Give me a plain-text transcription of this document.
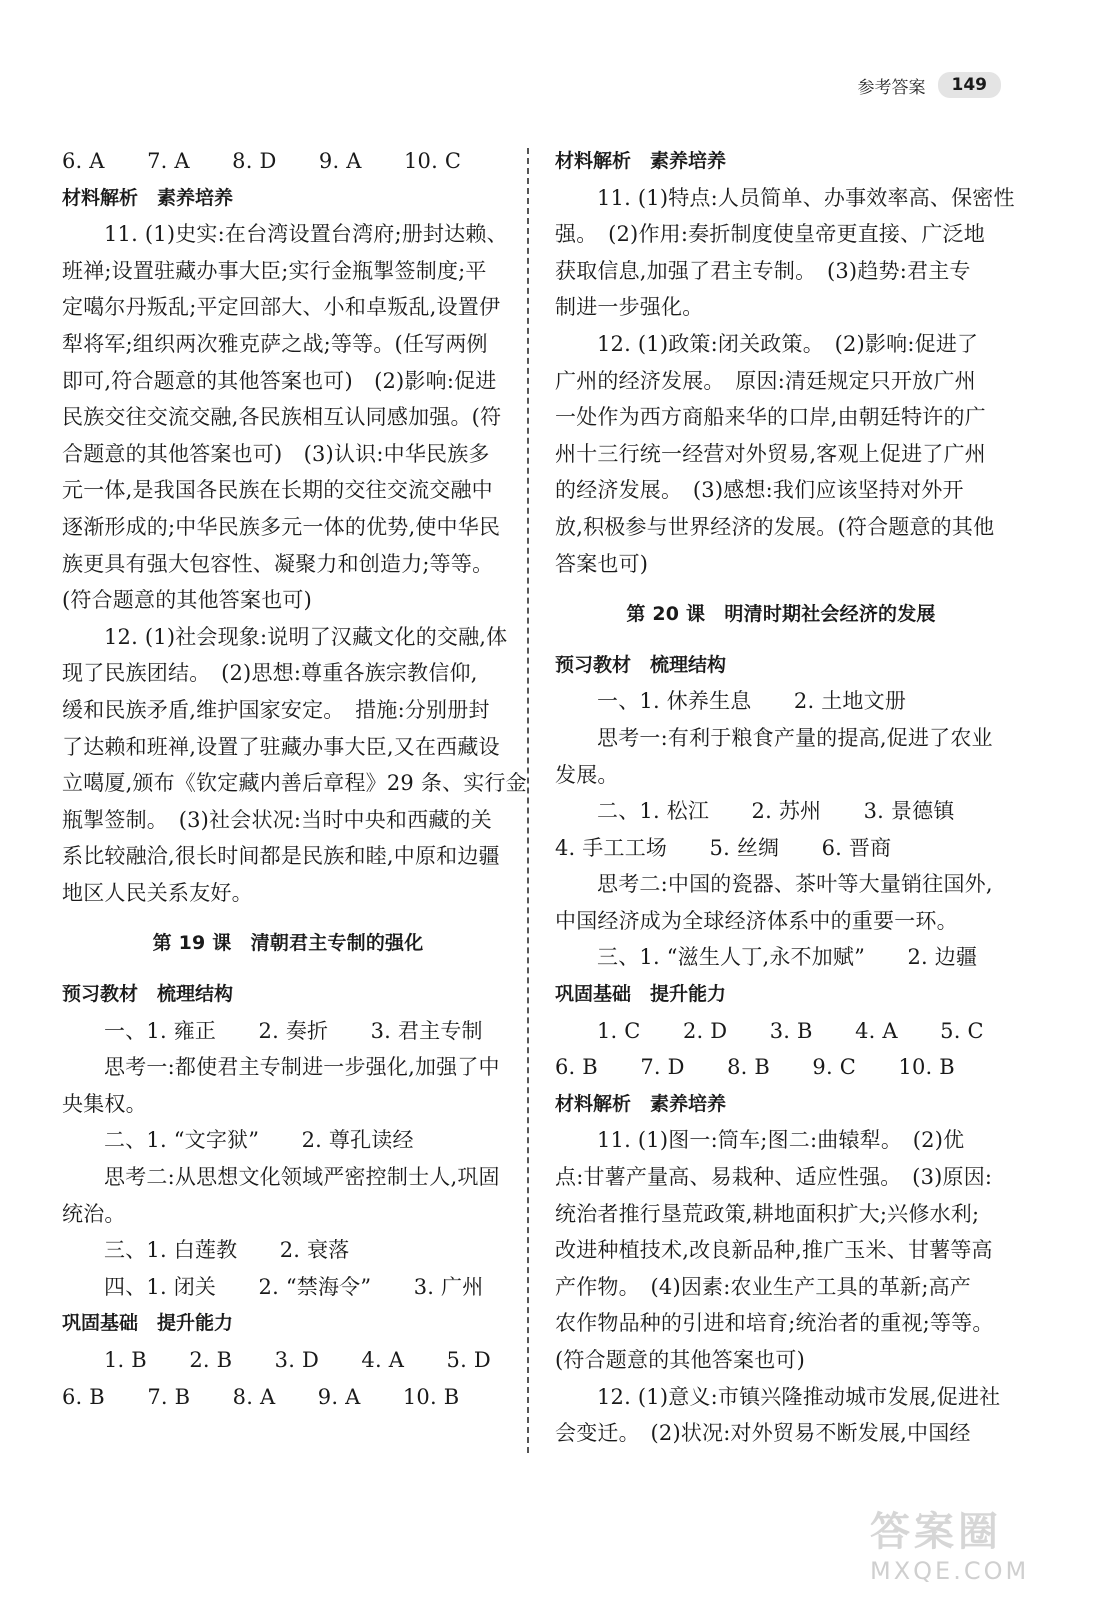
参考答案	149
6. A　　7. A　　8. D　　9. A　　10. C
材料解析　素养培养
11. (1)史实:在台湾设置台湾府;册封达赖、
班禅;设置驻藏办事大臣;实行金瓶掣签制度;平
定噶尔丹叛乱;平定回部大、小和卓叛乱,设置伊
犁将军;组织两次雅克萨之战;等等。(任写两例
即可,符合题意的其他答案也可)　(2)影响:促进
民族交往交流交融,各民族相互认同感加强。(符
合题意的其他答案也可)　(3)认识:中华民族多
元一体,是我国各民族在长期的交往交流交融中
逐渐形成的;中华民族多元一体的优势,使中华民
族更具有强大包容性、凝聚力和创造力;等等。
(符合题意的其他答案也可)
12. (1)社会现象:说明了汉藏文化的交融,体
现了民族团结。　(2)思想:尊重各族宗教信仰,
缓和民族矛盾,维护国家安定。　措施:分别册封
了达赖和班禅,设置了驻藏办事大臣,又在西藏设
立噶厦,颁布《钦定藏内善后章程》29 条、实行金
瓶掣签制。　(3)社会状况:当时中央和西藏的关
系比较融洽,很长时间都是民族和睦,中原和边疆
地区人民关系友好。
第 19 课　清朝君主专制的强化
预习教材　梳理结构
一、1. 雍正　　2. 奏折　　3. 君主专制
思考一:都使君主专制进一步强化,加强了中
央集权。
二、1. “文字狱”　　2. 尊孔读经
思考二:从思想文化领域严密控制士人,巩固
统治。
三、1. 白莲教　　2. 衰落
四、1. 闭关　　2. “禁海令”　　3. 广州
巩固基础　提升能力
1. B　　2. B　　3. D　　4. A　　5. D
6. B　　7. B　　8. A　　9. A　　10. B
材料解析　素养培养
11. (1)特点:人员简单、办事效率高、保密性
强。　(2)作用:奏折制度使皇帝更直接、广泛地
获取信息,加强了君主专制。　(3)趋势:君主专
制进一步强化。
12. (1)政策:闭关政策。　(2)影响:促进了
广州的经济发展。　原因:清廷规定只开放广州
一处作为西方商船来华的口岸,由朝廷特许的广
州十三行统一经营对外贸易,客观上促进了广州
的经济发展。　(3)感想:我们应该坚持对外开
放,积极参与世界经济的发展。(符合题意的其他
答案也可)
第 20 课　明清时期社会经济的发展
预习教材　梳理结构
一、1. 休养生息　　2. 土地文册
思考一:有利于粮食产量的提高,促进了农业
发展。
二、1. 松江　　2. 苏州　　3. 景德镇
4. 手工工场　　5. 丝绸　　6. 晋商
思考二:中国的瓷器、茶叶等大量销往国外,
中国经济成为全球经济体系中的重要一环。
三、1. “滋生人丁,永不加赋”　　2. 边疆
巩固基础　提升能力
1. C　　2. D　　3. B　　4. A　　5. C
6. B　　7. D　　8. B　　9. C　　10. B
材料解析　素养培养
11. (1)图一:筒车;图二:曲辕犁。　(2)优
点:甘薯产量高、易栽种、适应性强。　(3)原因:
统治者推行垦荒政策,耕地面积扩大;兴修水利;
改进种植技术,改良新品种,推广玉米、甘薯等高
产作物。　(4)因素:农业生产工具的革新;高产
农作物品种的引进和培育;统治者的重视;等等。
(符合题意的其他答案也可)
12. (1)意义:市镇兴隆推动城市发展,促进社
会变迁。　(2)状况:对外贸易不断发展,中国经
答案圈
MXQE.COM
